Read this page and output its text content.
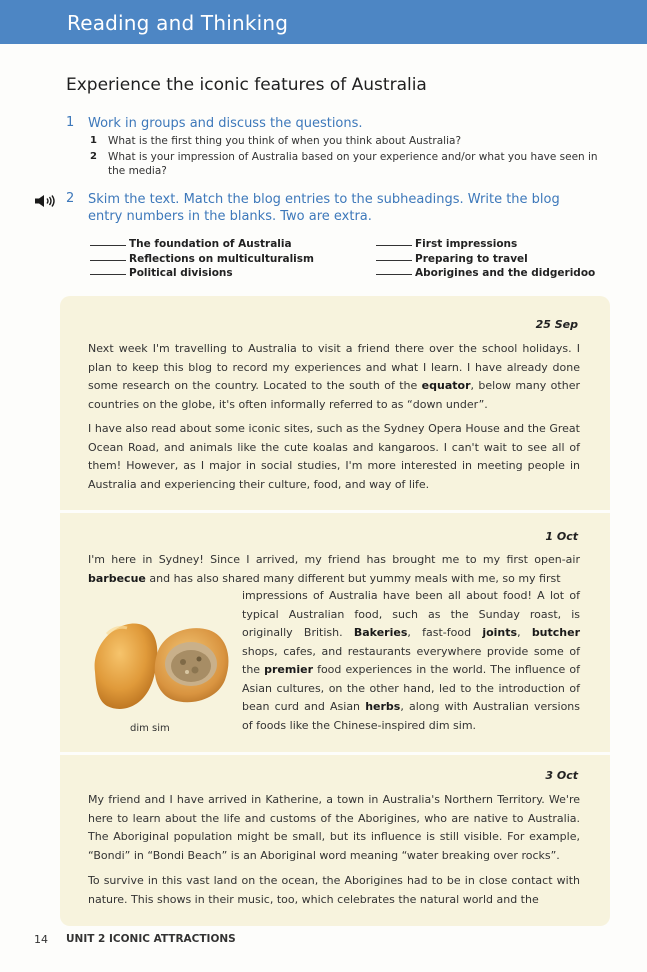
Reading and Thinking
Experience the iconic features of Australia
1 Work in groups and discuss the questions.
1 What is the first thing you think of when you think about Australia?
2 What is your impression of Australia based on your experience and/or what you have seen in the media?
2 Skim the text. Match the blog entries to the subheadings. Write the blog entry numbers in the blanks. Two are extra.
The foundation of Australia
Reflections on multiculturalism
Political divisions
First impressions
Preparing to travel
Aborigines and the didgeridoo
25 Sep

Next week I'm travelling to Australia to visit a friend there over the school holidays. I plan to keep this blog to record my experiences and what I learn. I have already done some research on the country. Located to the south of the equator, below many other countries on the globe, it's often informally referred to as “down under”.

I have also read about some iconic sites, such as the Sydney Opera House and the Great Ocean Road, and animals like the cute koalas and kangaroos. I can't wait to see all of them! However, as I major in social studies, I'm more interested in meeting people in Australia and experiencing their culture, food, and way of life.

1 Oct

I'm here in Sydney! Since I arrived, my friend has brought me to my first open-air barbecue and has also shared many different but yummy meals with me, so my first

impressions of Australia have been all about food! A lot of typical Australian food, such as the Sunday roast, is originally British. Bakeries, fast-food joints, butcher shops, cafes, and restaurants everywhere provide some of the premier food experiences in the world. The influence of Asian cultures, on the other hand, led to the introduction of bean curd and Asian herbs, along with Australian versions of foods like the Chinese-inspired dim sim.

dim sim
3 Oct

My friend and I have arrived in Katherine, a town in Australia's Northern Territory. We're here to learn about the life and customs of the Aborigines, who are native to Australia. The Aboriginal population might be small, but its influence is still visible. For example, “Bondi” in “Bondi Beach” is an Aboriginal word meaning “water breaking over rocks”.

To survive in this vast land on the ocean, the Aborigines had to be in close contact with nature. This shows in their music, too, which celebrates the natural world and the

14 UNIT 2 ICONIC ATTRACTIONS
